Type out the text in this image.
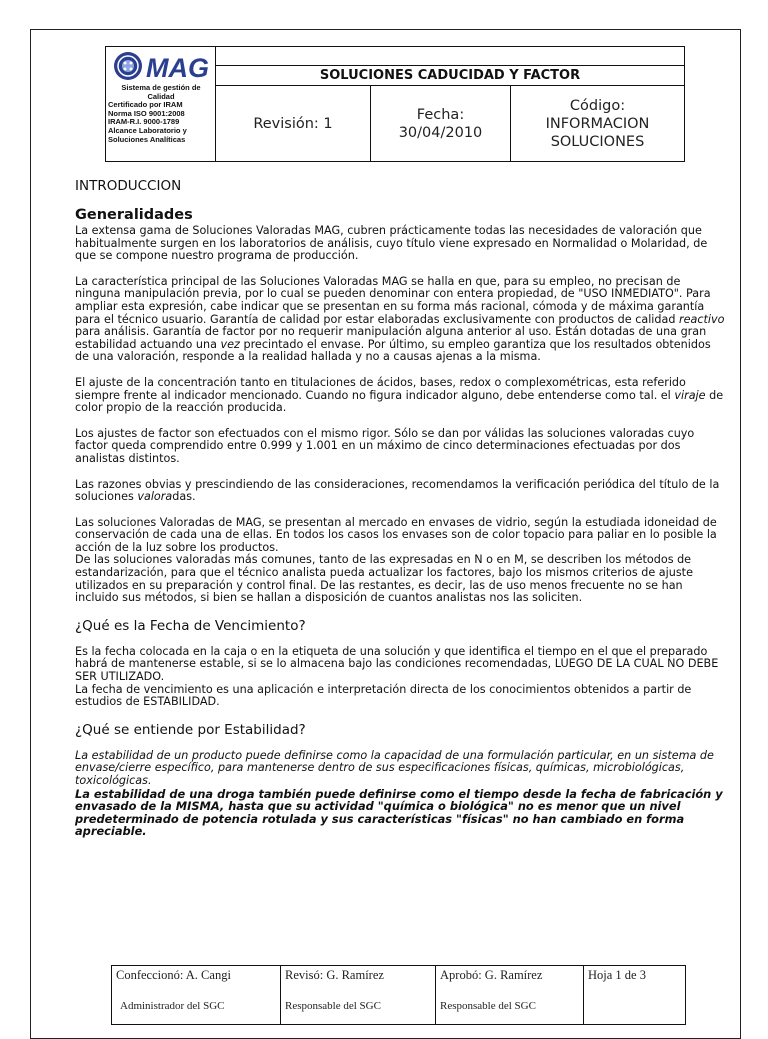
MAG
Sistema de gestión de
Calidad
Certificado por IRAM
Norma ISO 9001:2008
IRAM-R.I. 9000-1789
Alcance Laboratorio y
Soluciones Analíticas
SOLUCIONES CADUCIDAD Y FACTOR
Revisión: 1
Fecha:
30/04/2010
Código:
INFORMACION
SOLUCIONES
INTRODUCCION
Generalidades

La extensa gama de Soluciones Valoradas MAG, cubren prácticamente todas las necesidades de valoración que habitualmente surgen en los laboratorios de análisis, cuyo título viene expresado en Normalidad o Molaridad, de que se compone nuestro programa de producción.

La característica principal de las Soluciones Valoradas MAG se halla en que, para su empleo, no precisan de ninguna manipulación previa, por lo cual se pueden denominar con entera propiedad, de "USO INMEDIATO". Para ampliar esta expresión, cabe indicar que se presentan en su forma más racional, cómoda y de máxima garantía para el técnico usuario. Garantía de calidad por estar elaboradas exclusivamente con productos de calidad reactivo para análisis. Garantía de factor por no requerir manipulación alguna anterior al uso. Están dotadas de una gran estabilidad actuando una vez precintado el envase. Por último, su empleo garantiza que los resultados obtenidos de una valoración, responde a la realidad hallada y no a causas ajenas a la misma.

El ajuste de la concentración tanto en titulaciones de ácidos, bases, redox o complexométricas, esta referido siempre frente al indicador mencionado. Cuando no figura indicador alguno, debe entenderse como tal. el viraje de color propio de la reacción producida.

Los ajustes de factor son efectuados con el mismo rigor. Sólo se dan por válidas las soluciones valoradas cuyo factor queda comprendido entre 0.999 y 1.001 en un máximo de cinco determinaciones efectuadas por dos analistas distintos.

Las razones obvias y prescindiendo de las consideraciones, recomendamos la verificación periódica del título de la soluciones valoradas.

Las soluciones Valoradas de MAG, se presentan al mercado en envases de vidrio, según la estudiada idoneidad de conservación de cada una de ellas. En todos los casos los envases son de color topacio para paliar en lo posible la acción de la luz sobre los productos.

De las soluciones valoradas más comunes, tanto de las expresadas en N o en M, se describen los métodos de estandarización, para que el técnico analista pueda actualizar los factores, bajo los mismos criterios de ajuste utilizados en su preparación y control final. De las restantes, es decir, las de uso menos frecuente no se han incluido sus métodos, si bien se hallan a disposición de cuantos analistas nos las soliciten.

¿Qué es la Fecha de Vencimiento?

Es la fecha colocada en la caja o en la etiqueta de una solución y que identifica el tiempo en el que el preparado habrá de mantenerse estable, si se lo almacena bajo las condiciones recomendadas, LUEGO DE LA CUAL NO DEBE SER UTILIZADO.

La fecha de vencimiento es una aplicación e interpretación directa de los conocimientos obtenidos a partir de estudios de ESTABILIDAD.

¿Qué se entiende por Estabilidad?

La estabilidad de un producto puede definirse como la capacidad de una formulación particular, en un sistema de envase/cierre específico, para mantenerse dentro de sus especificaciones físicas, químicas, microbiológicas, toxicológicas.

La estabilidad de una droga también puede definirse como el tiempo desde la fecha de fabricación y envasado de la MISMA, hasta que su actividad "química o biológica" no es menor que un nivel predeterminado de potencia rotulada y sus características "físicas" no han cambiado en forma apreciable.

Confeccionó: A. Cangi
Administrador del SGC
Revisó: G. Ramírez
Responsable del SGC
Aprobó: G. Ramírez
Responsable del SGC
Hoja 1 de 3
